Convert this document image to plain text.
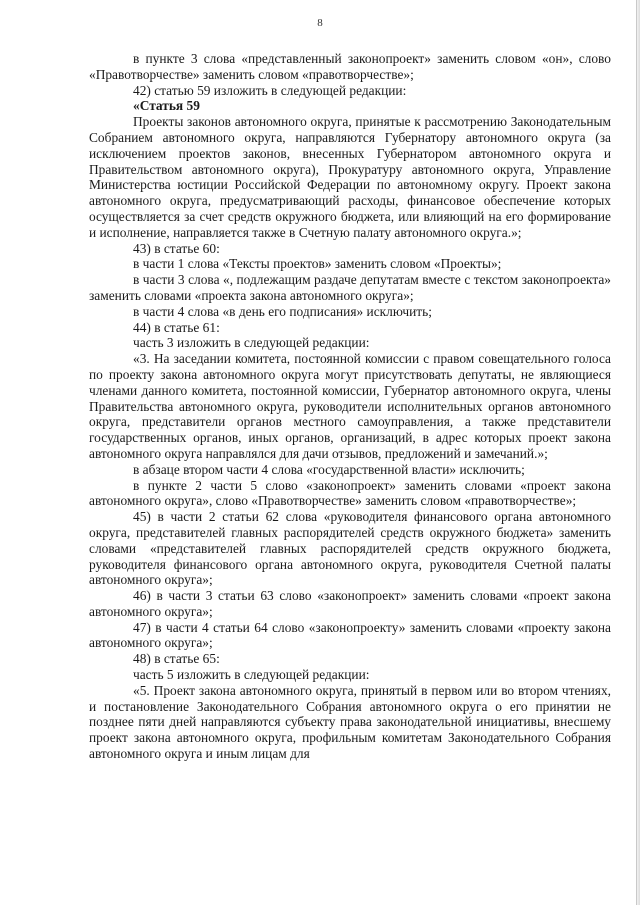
8

в пункте 3 слова «представленный законопроект» заменить словом «он», слово «Правотворчестве» заменить словом «правотворчестве»;

42) статью 59 изложить в следующей редакции:

«Статья 59

Проекты законов автономного округа, принятые к рассмотрению Законодательным Собранием автономного округа, направляются Губернатору автономного округа (за исключением проектов законов, внесенных Губернатором автономного округа и Правительством автономного округа), Прокуратуру автономного округа, Управление Министерства юстиции Российской Федерации по автономному округу. Проект закона автономного округа, предусматривающий расходы, финансовое обеспечение которых осуществляется за счет средств окружного бюджета, или влияющий на его формирование и исполнение, направляется также в Счетную палату автономного округа.»;

43) в статье 60:

в части 1 слова «Тексты проектов» заменить словом «Проекты»;

в части 3 слова «, подлежащим раздаче депутатам вместе с текстом законопроекта» заменить словами «проекта закона автономного округа»;

в части 4 слова «в день его подписания» исключить;

44) в статье 61:

часть 3 изложить в следующей редакции:

«3. На заседании комитета, постоянной комиссии с правом совещательного голоса по проекту закона автономного округа могут присутствовать депутаты, не являющиеся членами данного комитета, постоянной комиссии, Губернатор автономного округа, члены Правительства автономного округа, руководители исполнительных органов автономного округа, представители органов местного самоуправления, а также представители государственных органов, иных органов, организаций, в адрес которых проект закона автономного округа направлялся для дачи отзывов, предложений и замечаний.»;

в абзаце втором части 4 слова «государственной власти» исключить;

в пункте 2 части 5 слово «законопроект» заменить словами «проект закона автономного округа», слово «Правотворчестве» заменить словом «правотворчестве»;

45) в части 2 статьи 62 слова «руководителя финансового органа автономного округа, представителей главных распорядителей средств окружного бюджета» заменить словами «представителей главных распорядителей средств окружного бюджета, руководителя финансового органа автономного округа, руководителя Счетной палаты автономного округа»;

46) в части 3 статьи 63 слово «законопроект» заменить словами «проект закона автономного округа»;

47) в части 4 статьи 64 слово «законопроекту» заменить словами «проекту закона автономного округа»;

48) в статье 65:

часть 5 изложить в следующей редакции:

«5. Проект закона автономного округа, принятый в первом или во втором чтениях, и постановление Законодательного Собрания автономного округа о его принятии не позднее пяти дней направляются субъекту права законодательной инициативы, внесшему проект закона автономного округа, профильным комитетам Законодательного Собрания автономного округа и иным лицам для
